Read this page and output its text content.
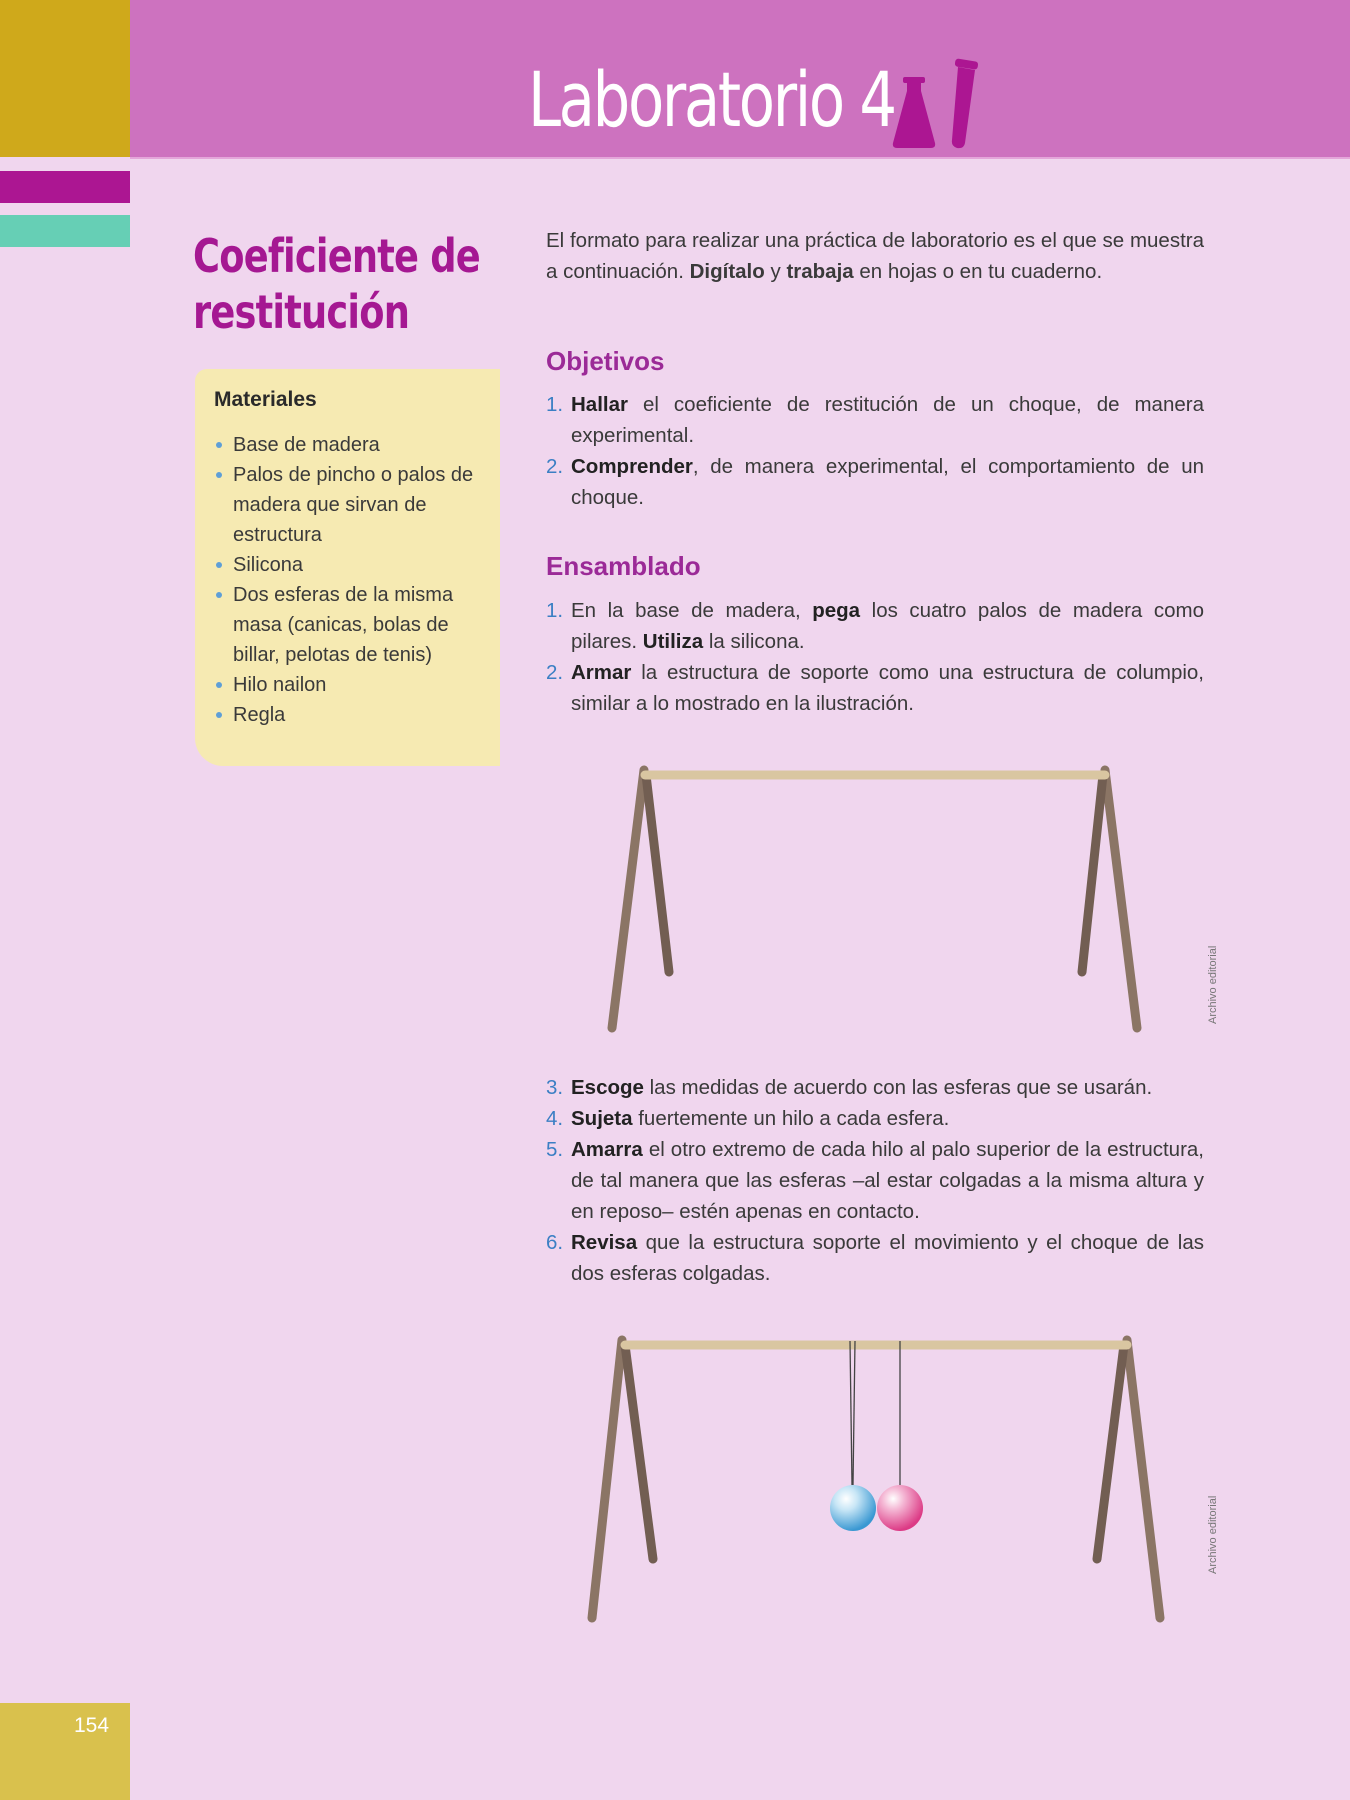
Laboratorio 4
Coeficiente de
restitución
Materiales
Base de madera
Palos de pincho o palos de madera que sirvan de estructura
Silicona
Dos esferas de la misma masa (canicas, bolas de billar, pelotas de tenis)
Hilo nailon
Regla

El formato para realizar una práctica de laboratorio es el que se muestra a continuación. Digítalo y trabaja en hojas o en tu cuaderno.

Objetivos
1. Hallar el coeficiente de restitución de un choque, de manera experimental.
2. Comprender, de manera experimental, el comportamiento de un choque.
Ensamblado
1. En la base de madera, pega los cuatro palos de madera como pilares. Utiliza la silicona.
2. Armar la estructura de soporte como una estructura de columpio, similar a lo mostrado en la ilustración.
Archivo editorial
3. Escoge las medidas de acuerdo con las esferas que se usarán.
4. Sujeta fuertemente un hilo a cada esfera.
5. Amarra el otro extremo de cada hilo al palo superior de la estructura, de tal manera que las esferas –al estar colgadas a la misma altura y en reposo– estén apenas en contacto.
6. Revisa que la estructura soporte el movimiento y el choque de las dos esferas colgadas.
Archivo editorial
154
